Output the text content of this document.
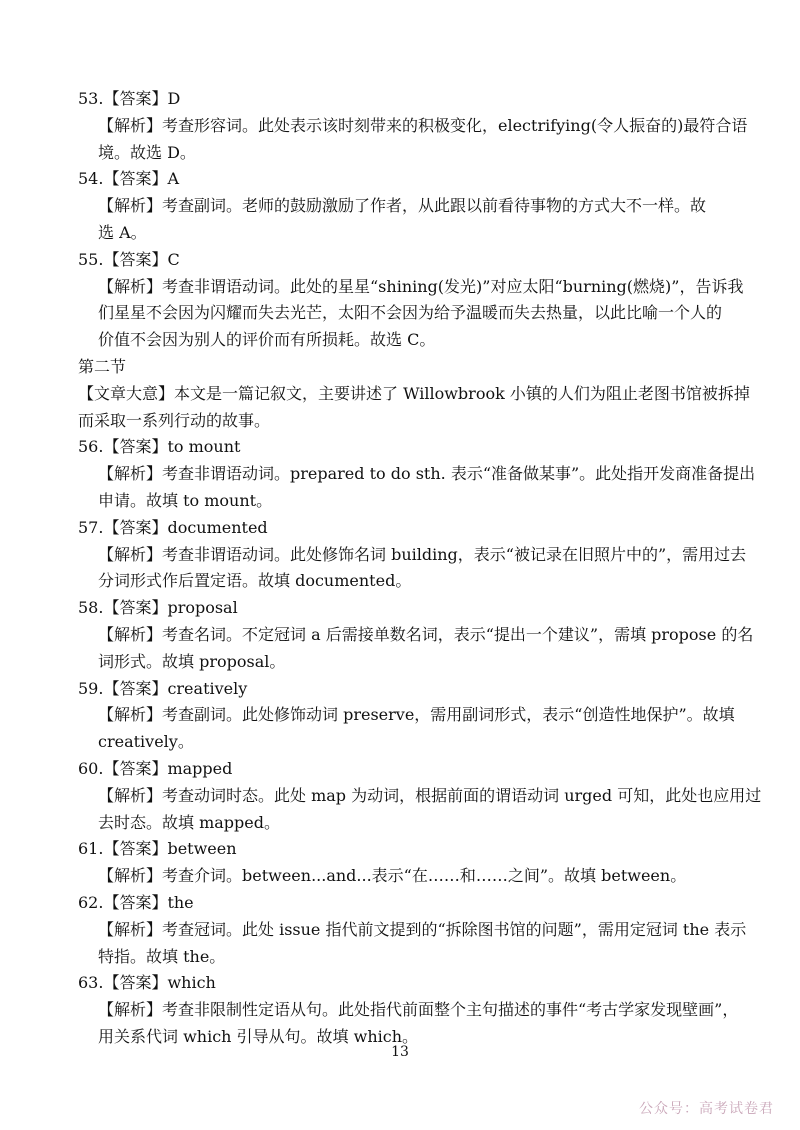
53.【答案】D
【解析】考查形容词。此处表示该时刻带来的积极变化，electrifying(令人振奋的)最符合语
境。故选 D。
54.【答案】A
【解析】考查副词。老师的鼓励激励了作者，从此跟以前看待事物的方式大不一样。故
选 A。
55.【答案】C
【解析】考查非谓语动词。此处的星星“shining(发光)”对应太阳“burning(燃烧)”，告诉我
们星星不会因为闪耀而失去光芒，太阳不会因为给予温暖而失去热量，以此比喻一个人的
价值不会因为别人的评价而有所损耗。故选 C。
第二节
【文章大意】本文是一篇记叙文，主要讲述了 Willowbrook 小镇的人们为阻止老图书馆被拆掉
而采取一系列行动的故事。
56.【答案】to mount
【解析】考查非谓语动词。prepared to do sth. 表示“准备做某事”。此处指开发商准备提出
申请。故填 to mount。
57.【答案】documented
【解析】考查非谓语动词。此处修饰名词 building，表示“被记录在旧照片中的”，需用过去
分词形式作后置定语。故填 documented。
58.【答案】proposal
【解析】考查名词。不定冠词 a 后需接单数名词，表示“提出一个建议”，需填 propose 的名
词形式。故填 proposal。
59.【答案】creatively
【解析】考查副词。此处修饰动词 preserve，需用副词形式，表示“创造性地保护”。故填
creatively。
60.【答案】mapped
【解析】考查动词时态。此处 map 为动词，根据前面的谓语动词 urged 可知，此处也应用过
去时态。故填 mapped。
61.【答案】between
【解析】考查介词。between...and...表示“在……和……之间”。故填 between。
62.【答案】the
【解析】考查冠词。此处 issue 指代前文提到的“拆除图书馆的问题”，需用定冠词 the 表示
特指。故填 the。
63.【答案】which
【解析】考查非限制性定语从句。此处指代前面整个主句描述的事件“考古学家发现壁画”，
用关系代词 which 引导从句。故填 which。
13
公众号：高考试卷君
